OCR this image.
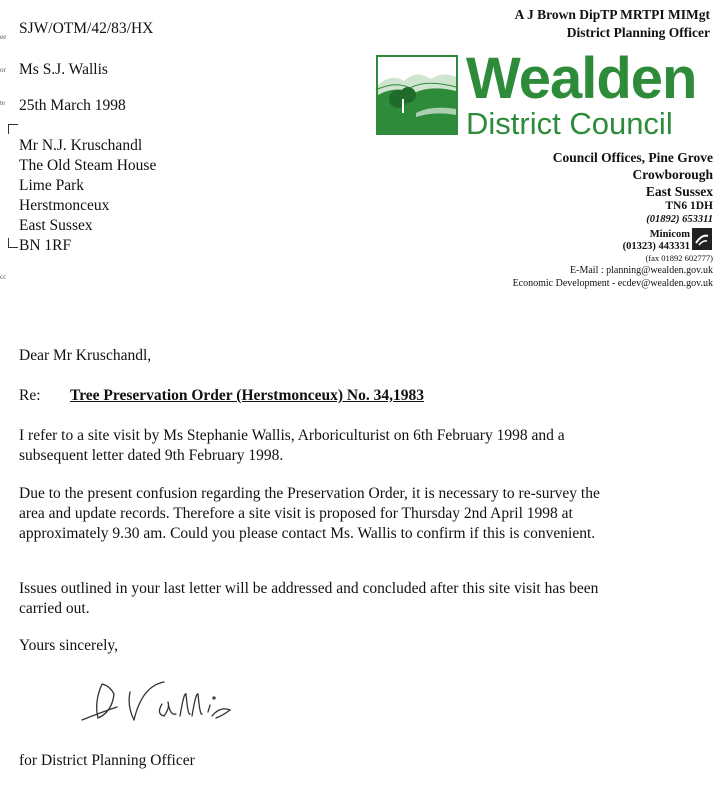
ee
or
te
cc
SJW/OTM/42/83/HX
Ms S.J. Wallis
25th March 1998
Mr N.J. Kruschandl
The Old Steam House
Lime Park
Herstmonceux
East Sussex
BN 1RF
A J Brown DipTP MRTPI MIMgt
District Planning Officer
Wealden
District Council
Council Offices, Pine Grove
Crowborough
East Sussex
TN6 1DH
(01892) 653311
Minicom
(01323) 443331
(fax 01892 602777)
E-Mail : planning@wealden.gov.uk
Economic Development - ecdev@wealden.gov.uk
Dear Mr Kruschandl,
Re: Tree Preservation Order (Herstmonceux) No. 34,1983
I refer to a site visit by Ms Stephanie Wallis, Arboriculturist on 6th February 1998 and a subsequent letter dated 9th February 1998.
Due to the present confusion regarding the Preservation Order, it is necessary to re-survey the area and update records. Therefore a site visit is proposed for Thursday 2nd April 1998 at approximately 9.30 am. Could you please contact Ms. Wallis to confirm if this is convenient.
Issues outlined in your last letter will be addressed and concluded after this site visit has been carried out.
Yours sincerely,
for District Planning Officer
